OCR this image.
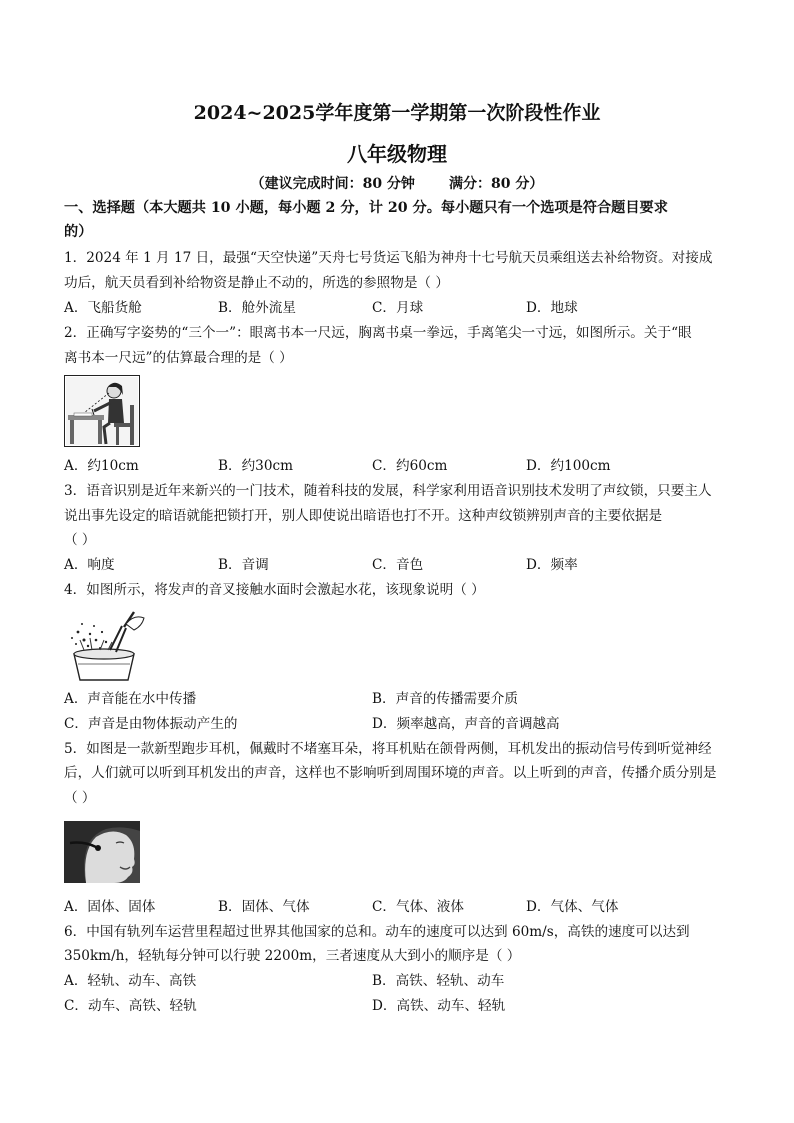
2024~2025学年度第一学期第一次阶段性作业
八年级物理
（建议完成时间：80 分钟       满分：80 分）
一、选择题（本大题共 10 小题，每小题 2 分，计 20 分。每小题只有一个选项是符合题目要求
的）
1．2024 年 1 月 17 日，最强“天空快递”天舟七号货运飞船为神舟十七号航天员乘组送去补给物资。对接成
功后，航天员看到补给物资是静止不动的，所选的参照物是（ ）
A．飞船货舱	B．舱外流星	C．月球	D．地球
2．正确写字姿势的“三个一”：眼离书本一尺远，胸离书桌一拳远，手离笔尖一寸远，如图所示。关于“眼
离书本一尺远”的估算最合理的是（ ）
A．约10cm	B．约30cm	C．约60cm	D．约100cm
3．语音识别是近年来新兴的一门技术，随着科技的发展，科学家利用语音识别技术发明了声纹锁，只要主人
说出事先设定的暗语就能把锁打开，别人即使说出暗语也打不开。这种声纹锁辨别声音的主要依据是
（ ）
A．响度	B．音调	C．音色	D．频率
4．如图所示，将发声的音叉接触水面时会激起水花，该现象说明（ ）
A．声音能在水中传播	B．声音的传播需要介质
C．声音是由物体振动产生的	D．频率越高，声音的音调越高
5．如图是一款新型跑步耳机，佩戴时不堵塞耳朵，将耳机贴在颌骨两侧，耳机发出的振动信号传到听觉神经
后，人们就可以听到耳机发出的声音，这样也不影响听到周围环境的声音。以上听到的声音，传播介质分别是
（ ）
A．固体、固体	B．固体、气体	C．气体、液体	D．气体、气体
6．中国有轨列车运营里程超过世界其他国家的总和。动车的速度可以达到 60m/s，高铁的速度可以达到
350km/h，轻轨每分钟可以行驶 2200m，三者速度从大到小的顺序是（ ）
A．轻轨、动车、高铁	B．高铁、轻轨、动车
C．动车、高铁、轻轨	D．高铁、动车、轻轨
